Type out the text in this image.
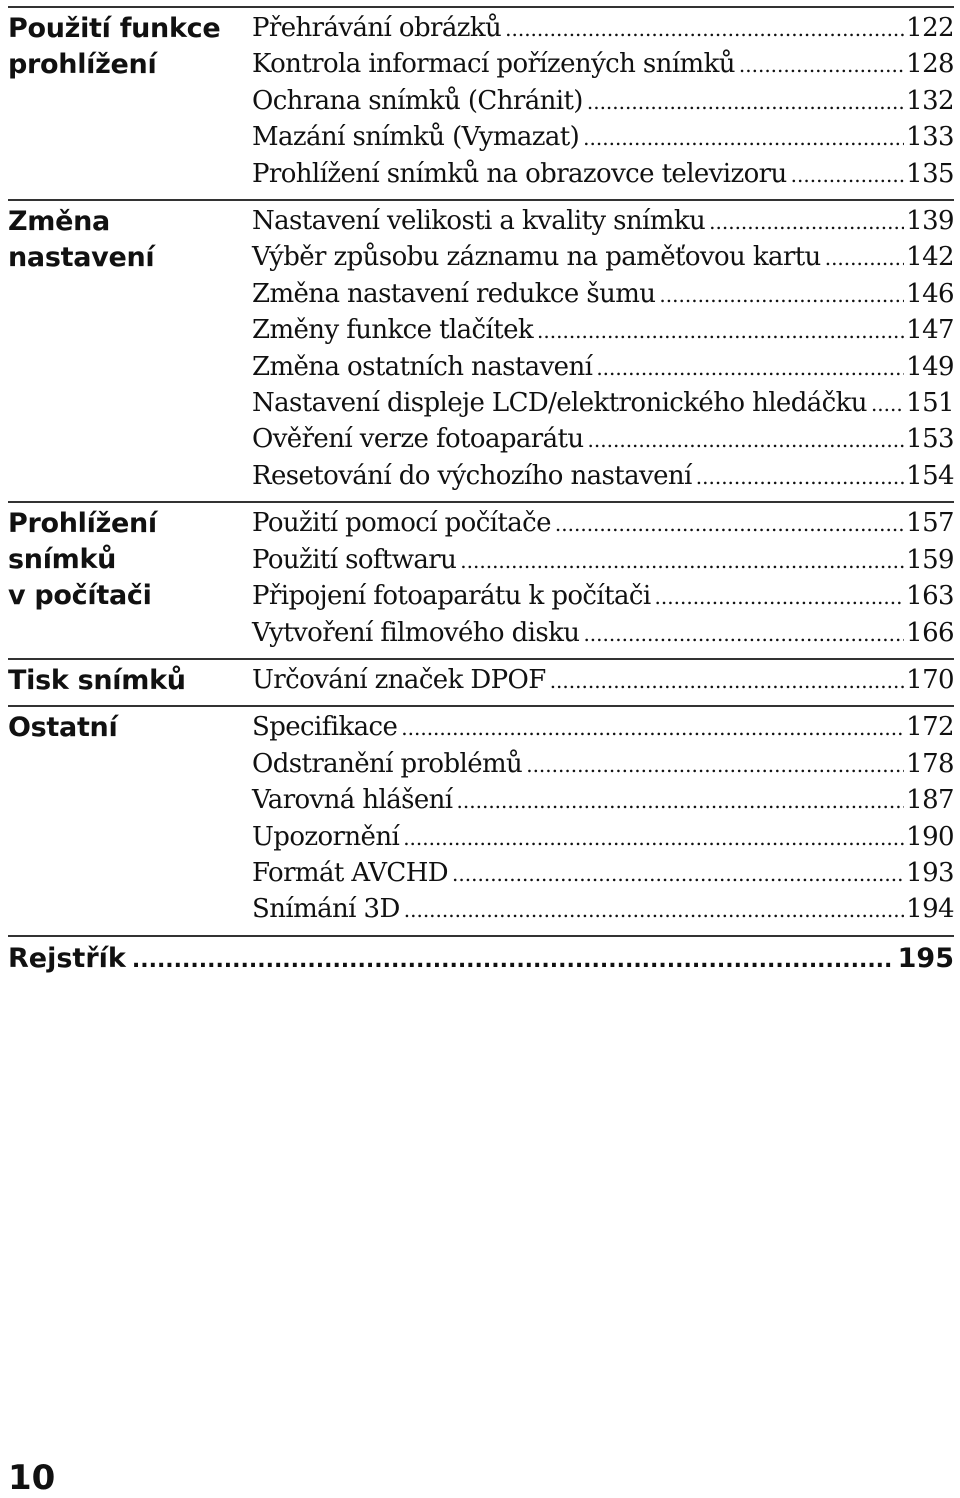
Použití funkce
prohlížení
Přehrávání obrázků .....	122
Kontrola informací pořízených snímků .....	128
Ochrana snímků (Chránit) .....	132
Mazání snímků (Vymazat) .....	133
Prohlížení snímků na obrazovce televizoru .....	135
Změna
nastavení
Nastavení velikosti a kvality snímku .....	139
Výběr způsobu záznamu na paměťovou kartu .....	142
Změna nastavení redukce šumu .....	146
Změny funkce tlačítek .....	147
Změna ostatních nastavení .....	149
Nastavení displeje LCD/elektronického hledáčku ..... 151
Ověření verze fotoaparátu .....	153
Resetování do výchozího nastavení .....	154
Prohlížení
snímků
v počítači
Použití pomocí počítače .....	157
Použití softwaru .....	159
Připojení fotoaparátu k počítači .....	163
Vytvoření filmového disku .....	166
Tisk snímků	Určování značek DPOF .....	170
Ostatní	Specifikace .....	172
Odstranění problémů .....	178
Varovná hlášení .....	187
Upozornění .....	190
Formát AVCHD .....	193
Snímání 3D .....	194
Rejstřík .....	195
10
